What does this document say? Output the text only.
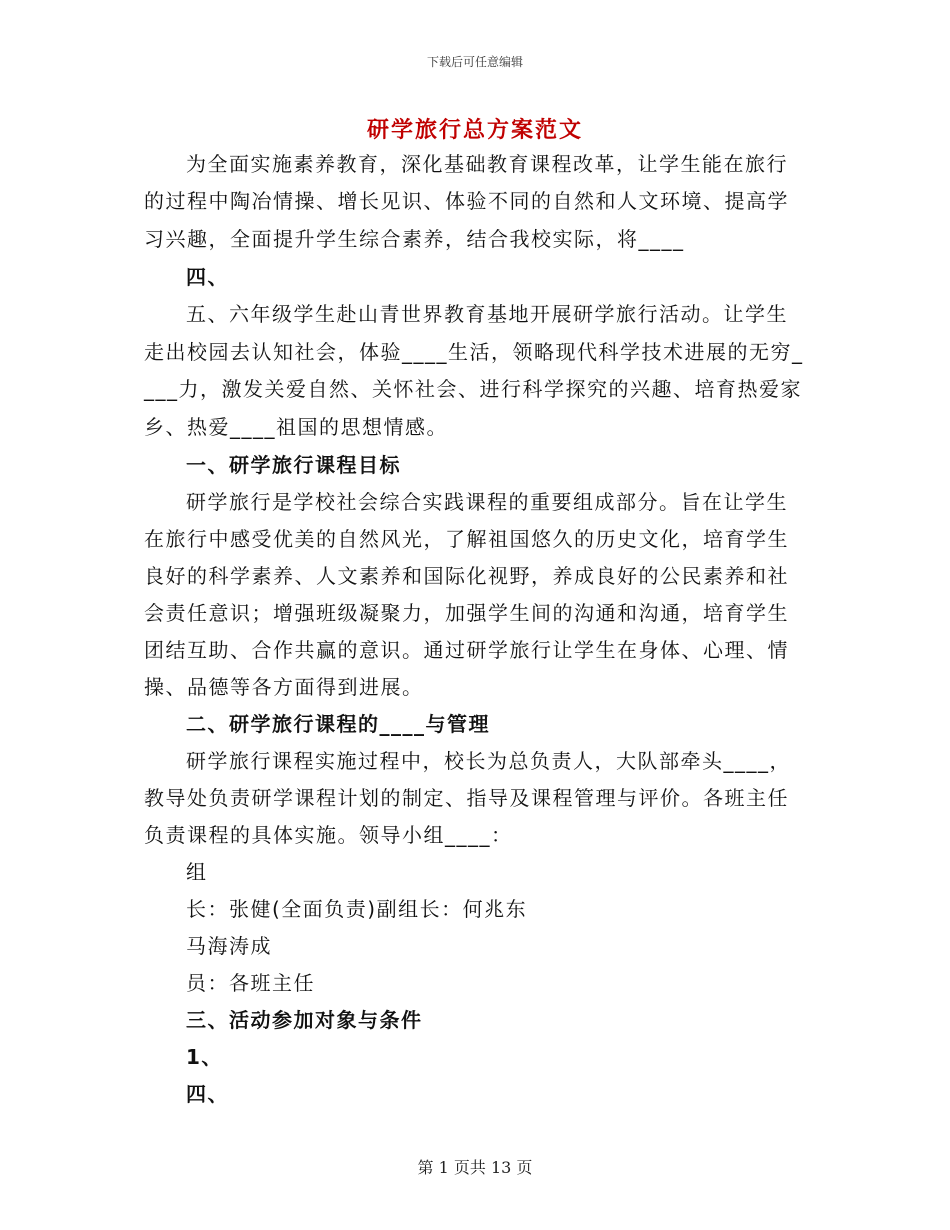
下载后可任意编辑
研学旅行总方案范文
为全面实施素养教育，深化基础教育课程改革，让学生能在旅行
的过程中陶冶情操、增长见识、体验不同的自然和人文环境、提高学
习兴趣，全面提升学生综合素养，结合我校实际，将____
四、
五、六年级学生赴山青世界教育基地开展研学旅行活动。让学生
走出校园去认知社会，体验____生活，领略现代科学技术进展的无穷_
___力，激发关爱自然、关怀社会、进行科学探究的兴趣、培育热爱家
乡、热爱____祖国的思想情感。
一、研学旅行课程目标
研学旅行是学校社会综合实践课程的重要组成部分。旨在让学生
在旅行中感受优美的自然风光，了解祖国悠久的历史文化，培育学生
良好的科学素养、人文素养和国际化视野，养成良好的公民素养和社
会责任意识；增强班级凝聚力，加强学生间的沟通和沟通，培育学生
团结互助、合作共赢的意识。通过研学旅行让学生在身体、心理、情
操、品德等各方面得到进展。
二、研学旅行课程的____与管理
研学旅行课程实施过程中，校长为总负责人，大队部牵头____，
教导处负责研学课程计划的制定、指导及课程管理与评价。各班主任
负责课程的具体实施。领导小组____：
组
长：张健(全面负责)副组长：何兆东
马海涛成
员：各班主任
三、活动参加对象与条件
1、
四、
第 1 页共 13 页
